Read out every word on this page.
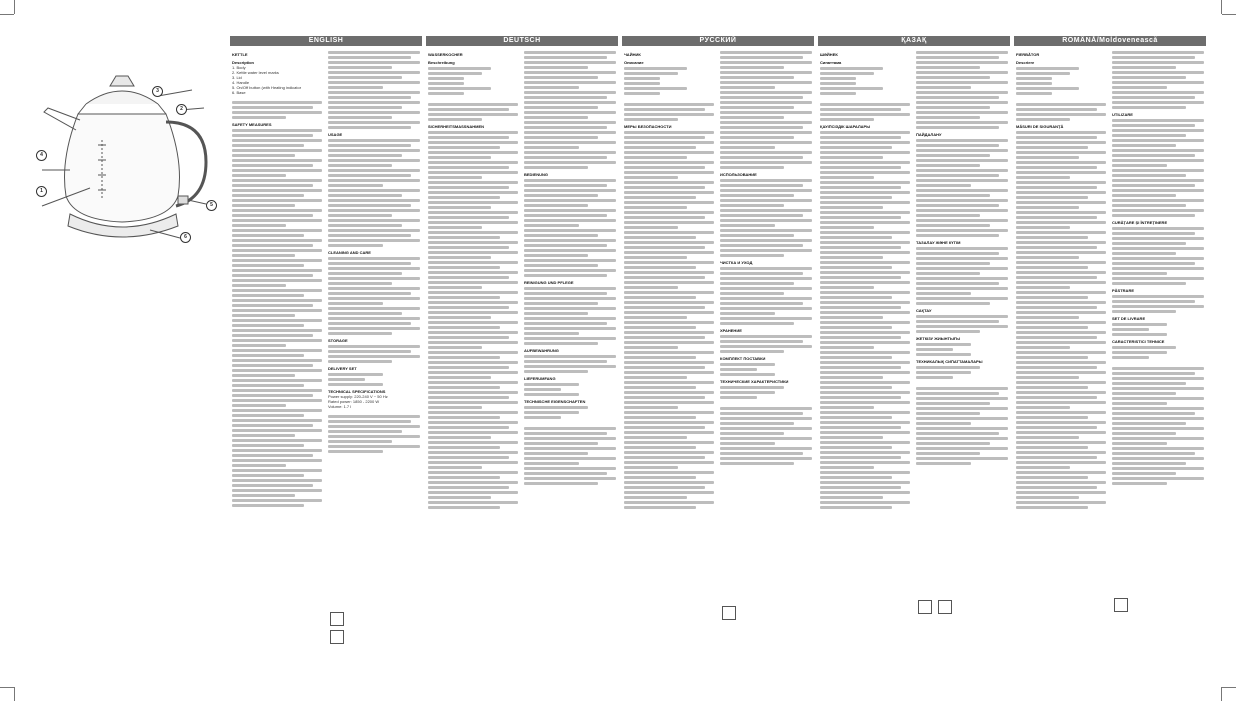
4
1
3
2
5
6
ENGLISH	DEUTSCH	РУССКИЙ	ҚАЗАҚ	ROMÂNĂ/Moldovenească
KETTLE
Description
1. Body
2. Kettle water level marks
3. Lid
4. Handle
5. On/Off button (with Heating indicator
6. Base
SAFETY MEASURES
USAGE
CLEANING AND CARE
STORAGE
DELIVERY SET
TECHNICAL SPECIFICATIONS
Power supply: 220-240 V ~ 50 Hz
Rated power: 1850 - 2200 W
Volume: 1.7 l
WASSERKOCHER
Beschreibung
SICHERHEITSMASSNAHMEN
BEDIENUNG
REINIGUNG UND PFLEGE
AUFBEWAHRUNG
LIEFERUMFANG
TECHNISCHE EIGENSCHAFTEN
ЧАЙНИК
Описание
МЕРЫ БЕЗОПАСНОСТИ
ИСПОЛЬЗОВАНИЕ
ЧИСТКА И УХОД
ХРАНЕНИЕ
КОМПЛЕКТ ПОСТАВКИ
ТЕХНИЧЕСКИЕ ХАРАКТЕРИСТИКИ
ШӘЙНЕК
Сипаттама
ҚАУІПСІЗДІК ШАРАЛАРЫ
ПАЙДАЛАНУ
ТАЗАЛАУ ЖӘНЕ КҮТІМ
САҚТАУ
ЖЕТКІЗУ ЖИЫНТЫҒЫ
ТЕХНИКАЛЫҚ СИПАТТАМАЛАРЫ
FIERBĂTOR
Descriere
MĂSURI DE SIGURANȚĂ
UTILIZARE
CURĂȚARE ȘI ÎNTREȚINERE
PĂSTRARE
SET DE LIVRARE
CARACTERISTICI TEHNICE
